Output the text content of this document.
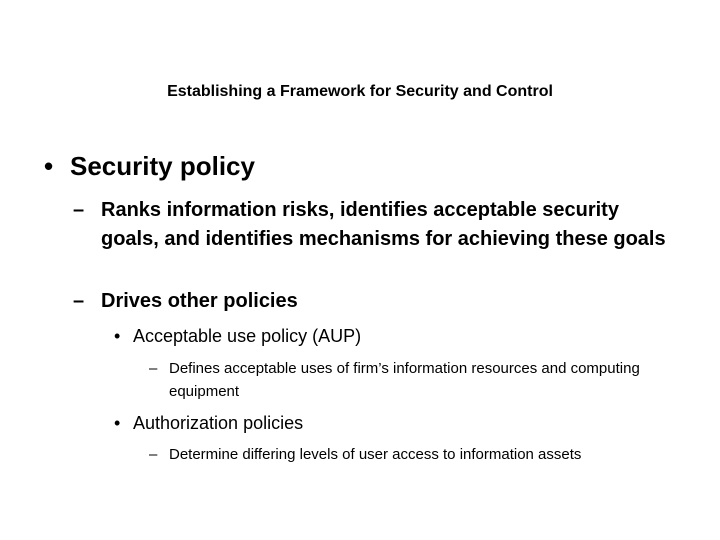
Establishing a Framework for Security and Control
• Security policy
– Ranks information risks, identifies acceptable security goals, and identifies mechanisms for achieving these goals
– Drives other policies
• Acceptable use policy (AUP)
– Defines acceptable uses of firm’s information resources and computing equipment
• Authorization policies
– Determine differing levels of user access to information assets
